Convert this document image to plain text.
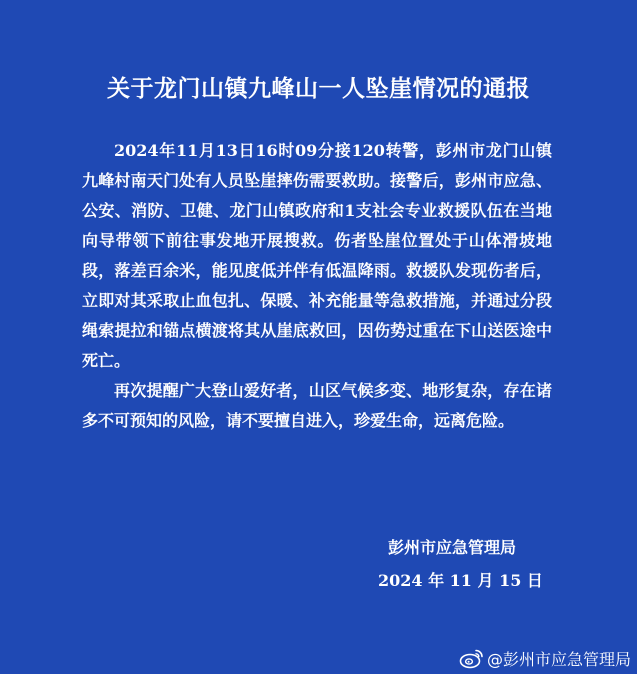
关于龙门山镇九峰山一人坠崖情况的通报

2024年11月13日16时09分接120转警，彭州市龙门山镇九峰村南天门处有人员坠崖摔伤需要救助。接警后，彭州市应急、公安、消防、卫健、龙门山镇政府和1支社会专业救援队伍在当地向导带领下前往事发地开展搜救。伤者坠崖位置处于山体滑坡地段，落差百余米，能见度低并伴有低温降雨。救援队发现伤者后，立即对其采取止血包扎、保暖、补充能量等急救措施，并通过分段绳索提拉和锚点横渡将其从崖底救回，因伤势过重在下山送医途中死亡。

再次提醒广大登山爱好者，山区气候多变、地形复杂，存在诸多不可预知的风险，请不要擅自进入，珍爱生命，远离危险。

彭州市应急管理局
2024 年 11 月 15 日
@彭州市应急管理局
